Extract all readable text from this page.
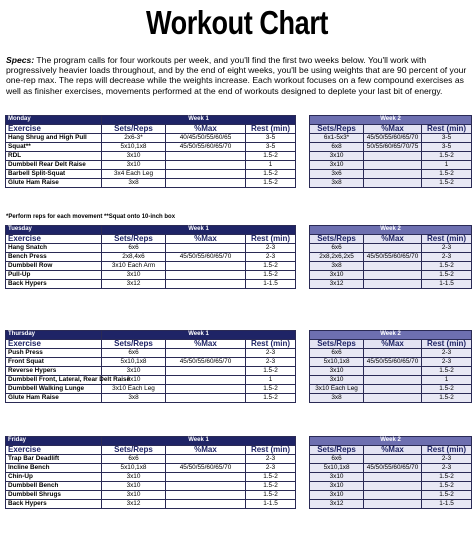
Workout Chart
Specs: The program calls for four workouts per week, and you'll find the first two weeks below. You'll work with progressively heavier loads throughout, and by the end of eight weeks, you'll be using weights that are 90 percent of your one-rep max. The reps will decrease while the weights increase. Each workout focuses on a few compound exercises as well as finisher exercises, movements performed at the end of workouts designed to deplete your last bit of energy.
Monday	Week 1				Week 2		
Exercise	Sets/Reps	%Max	Rest (min)		Sets/Reps	%Max	Rest (min)
Hang Shrug and High Pull	2x6-3*	40/45/50/55/60/65	3-5		6x1-5x3*	45/50/55/60/65/70	3-5
Squat**	5x10,1x8	45/50/55/60/65/70	3-5		6x8	50/55/60/65/70/75	3-5
RDL	3x10		1.5-2		3x10		1.5-2
Dumbbell Rear Delt Raise	3x10		1		3x10		1
Barbell Split-Squat	3x4 Each Leg		1.5-2		3x6		1.5-2
Glute Ham Raise	3x8		1.5-2		3x8		1.5-2
Tuesday	Week 1				Week 2		
Exercise	Sets/Reps	%Max	Rest (min)		Sets/Reps	%Max	Rest (min)
Hang Snatch	6x6		2-3		6x6		2-3
Bench Press	2x8,4x6	45/50/55/60/65/70	2-3		2x8,2x6,2x5	45/50/55/60/65/70	2-3
Dumbbell Row	3x10 Each Arm		1.5-2		3x8		1.5-2
Pull-Up	3x10		1.5-2		3x10		1.5-2
Back Hypers	3x12		1-1.5		3x12		1-1.5
Thursday	Week 1				Week 2		
Exercise	Sets/Reps	%Max	Rest (min)		Sets/Reps	%Max	Rest (min)
Push Press	6x6		2-3		6x6		2-3
Front Squat	5x10,1x8	45/50/55/60/65/70	2-3		5x10,1x8	45/50/55/60/65/70	2-3
Reverse Hypers	3x10		1.5-2		3x10		1.5-2
Dumbbell Front, Lateral, Rear Delt Raise	3x10		1		3x10		1
Dumbbell Walking Lunge	3x10 Each Leg		1.5-2		3x10 Each Leg		1.5-2
Glute Ham Raise	3x8		1.5-2		3x8		1.5-2
Friday	Week 1				Week 2		
Exercise	Sets/Reps	%Max	Rest (min)		Sets/Reps	%Max	Rest (min)
Trap Bar Deadlift	6x6		2-3		6x6		2-3
Incline Bench	5x10,1x8	45/50/55/60/65/70	2-3		5x10,1x8	45/50/55/60/65/70	2-3
Chin-Up	3x10		1.5-2		3x10		1.5-2
Dumbbell Bench	3x10		1.5-2		3x10		1.5-2
Dumbbell Shrugs	3x10		1.5-2		3x10		1.5-2
Back Hypers	3x12		1-1.5		3x12		1-1.5
*Perform reps for each movement **Squat onto 10-inch box
